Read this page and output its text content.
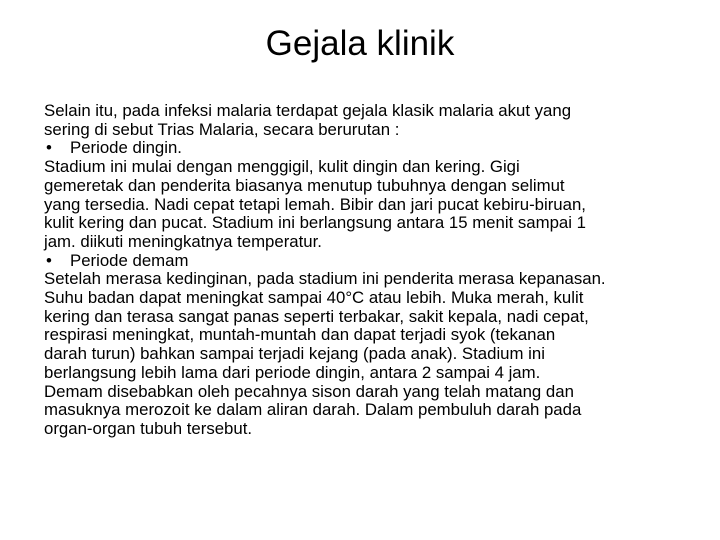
Gejala klinik
Selain itu, pada infeksi malaria terdapat gejala klasik malaria akut yang
sering di sebut Trias Malaria, secara berurutan :
• Periode dingin.
Stadium ini mulai dengan menggigil, kulit dingin dan kering. Gigi
gemeretak dan penderita biasanya menutup tubuhnya dengan selimut
yang tersedia. Nadi cepat tetapi lemah. Bibir dan jari pucat kebiru-biruan,
kulit kering dan pucat. Stadium ini berlangsung antara 15 menit sampai 1
jam. diikuti meningkatnya temperatur.
• Periode demam
Setelah merasa kedinginan, pada stadium ini penderita merasa kepanasan.
Suhu badan dapat meningkat sampai 40°C atau lebih. Muka merah, kulit
kering dan terasa sangat panas seperti terbakar, sakit kepala, nadi cepat,
respirasi meningkat, muntah-muntah dan dapat terjadi syok (tekanan
darah turun) bahkan sampai terjadi kejang (pada anak). Stadium ini
berlangsung lebih lama dari periode dingin, antara 2 sampai 4 jam.
Demam disebabkan oleh pecahnya sison darah yang telah matang dan
masuknya merozoit ke dalam aliran darah. Dalam pembuluh darah pada
organ-organ tubuh tersebut.
